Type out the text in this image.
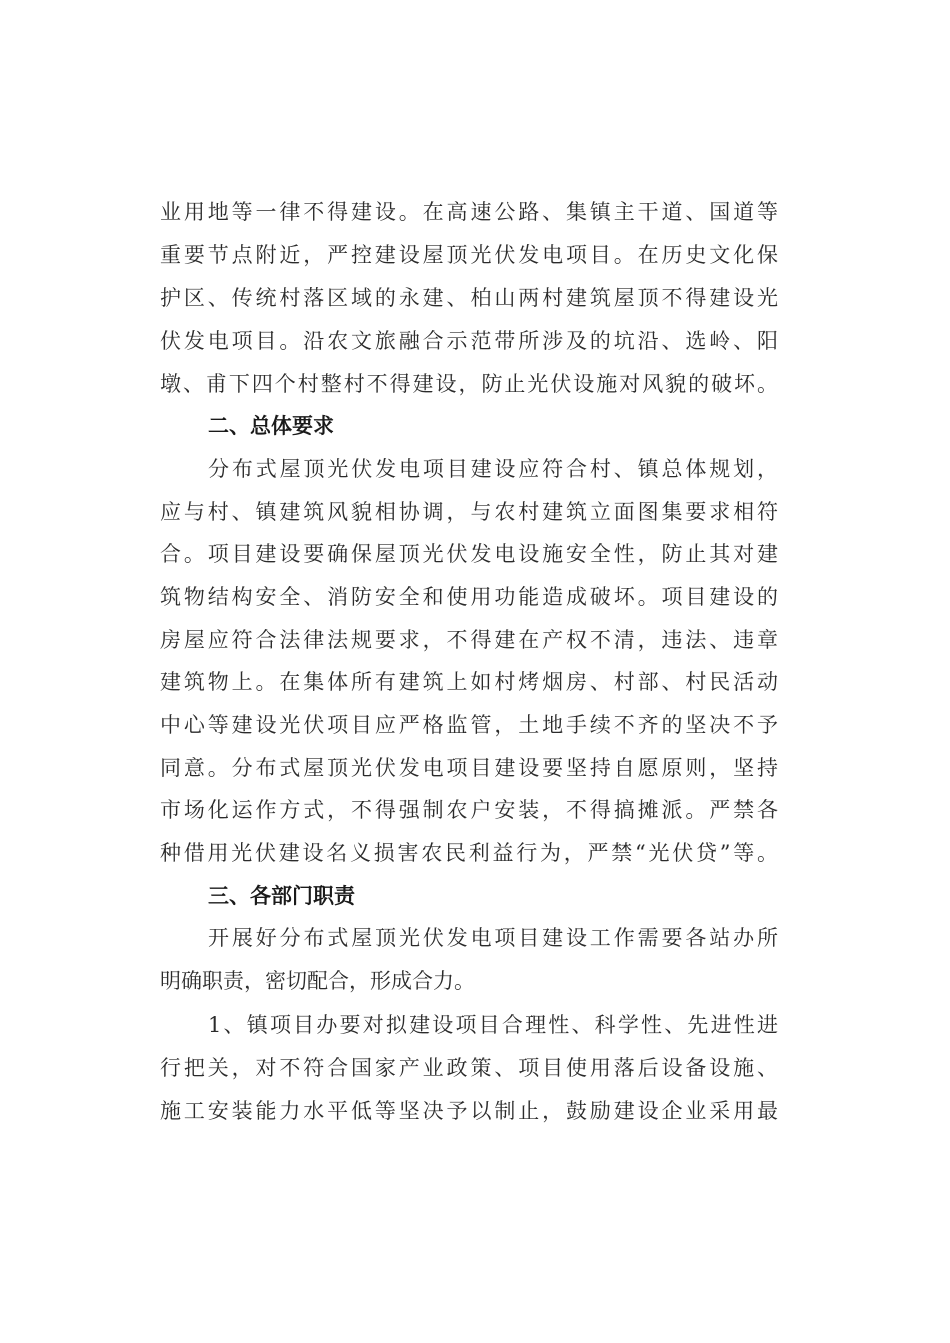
业用地等一律不得建设。在高速公路、集镇主干道、国道等
重要节点附近，严控建设屋顶光伏发电项目。在历史文化保
护区、传统村落区域的永建、柏山两村建筑屋顶不得建设光
伏发电项目。沿农文旅融合示范带所涉及的坑沿、选岭、阳
墩、甫下四个村整村不得建设，防止光伏设施对风貌的破坏。
二、总体要求
分布式屋顶光伏发电项目建设应符合村、镇总体规划，
应与村、镇建筑风貌相协调，与农村建筑立面图集要求相符
合。项目建设要确保屋顶光伏发电设施安全性，防止其对建
筑物结构安全、消防安全和使用功能造成破坏。项目建设的
房屋应符合法律法规要求，不得建在产权不清，违法、违章
建筑物上。在集体所有建筑上如村烤烟房、村部、村民活动
中心等建设光伏项目应严格监管，土地手续不齐的坚决不予
同意。分布式屋顶光伏发电项目建设要坚持自愿原则，坚持
市场化运作方式，不得强制农户安装，不得搞摊派。严禁各
种借用光伏建设名义损害农民利益行为，严禁“光伏贷”等。
三、各部门职责
开展好分布式屋顶光伏发电项目建设工作需要各站办所
明确职责，密切配合，形成合力。
1、镇项目办要对拟建设项目合理性、科学性、先进性进
行把关，对不符合国家产业政策、项目使用落后设备设施、
施工安装能力水平低等坚决予以制止，鼓励建设企业采用最
